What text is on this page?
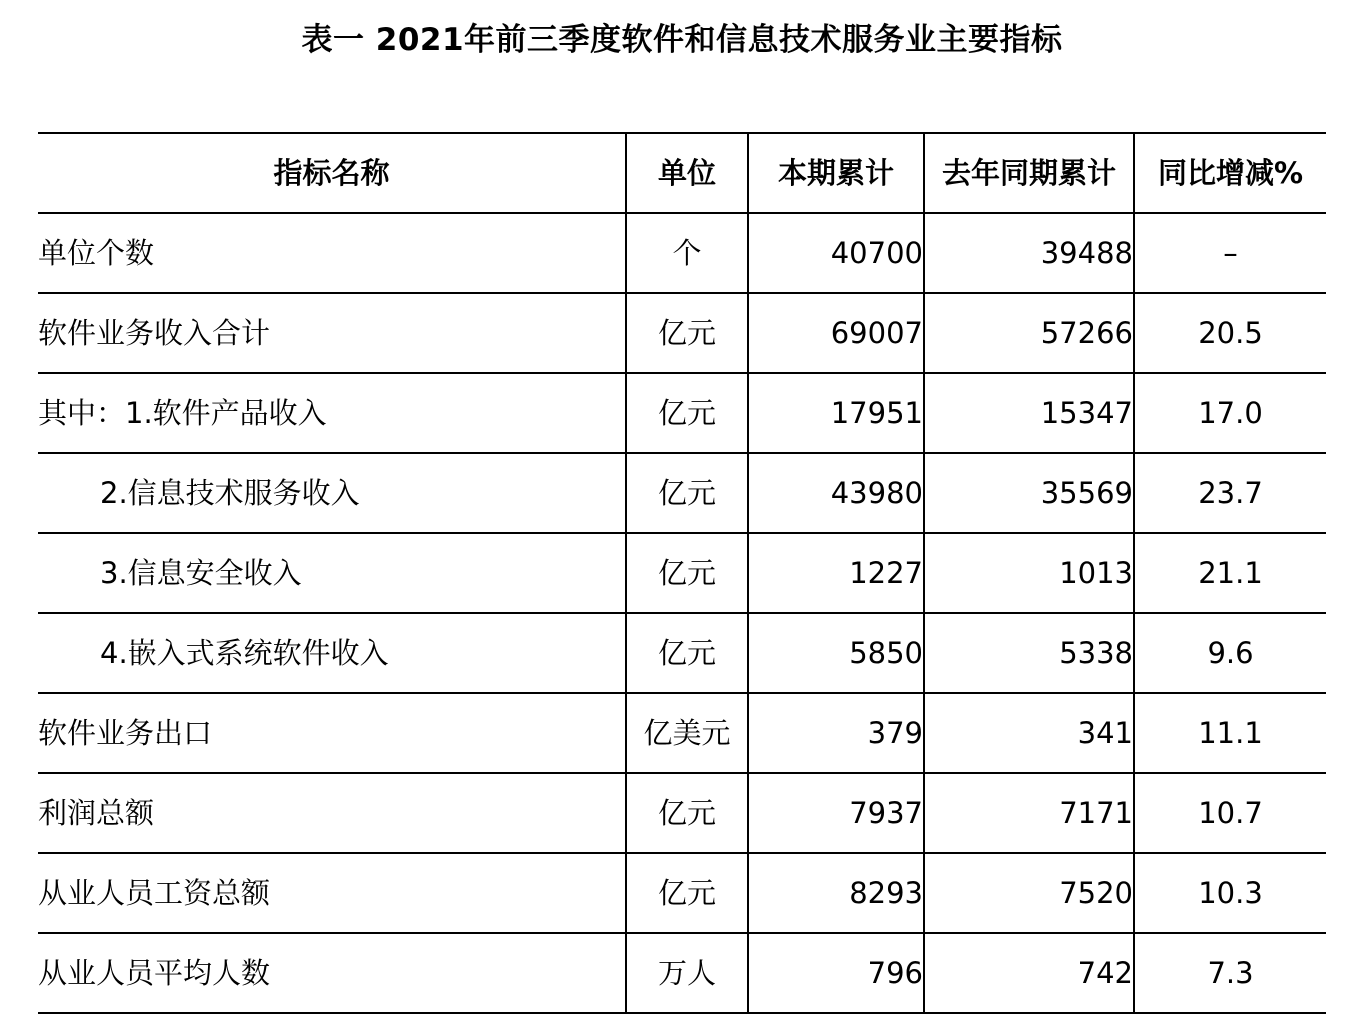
表一 2021年前三季度软件和信息技术服务业主要指标
指标名称	单位	本期累计	去年同期累计	同比增减%
单位个数	个	40700	39488	–
软件业务收入合计	亿元	69007	57266	20.5
其中：1.软件产品收入	亿元	17951	15347	17.0
2.信息技术服务收入	亿元	43980	35569	23.7
3.信息安全收入	亿元	1227	1013	21.1
4.嵌入式系统软件收入	亿元	5850	5338	9.6
软件业务出口	亿美元	379	341	11.1
利润总额	亿元	7937	7171	10.7
从业人员工资总额	亿元	8293	7520	10.3
从业人员平均人数	万人	796	742	7.3
